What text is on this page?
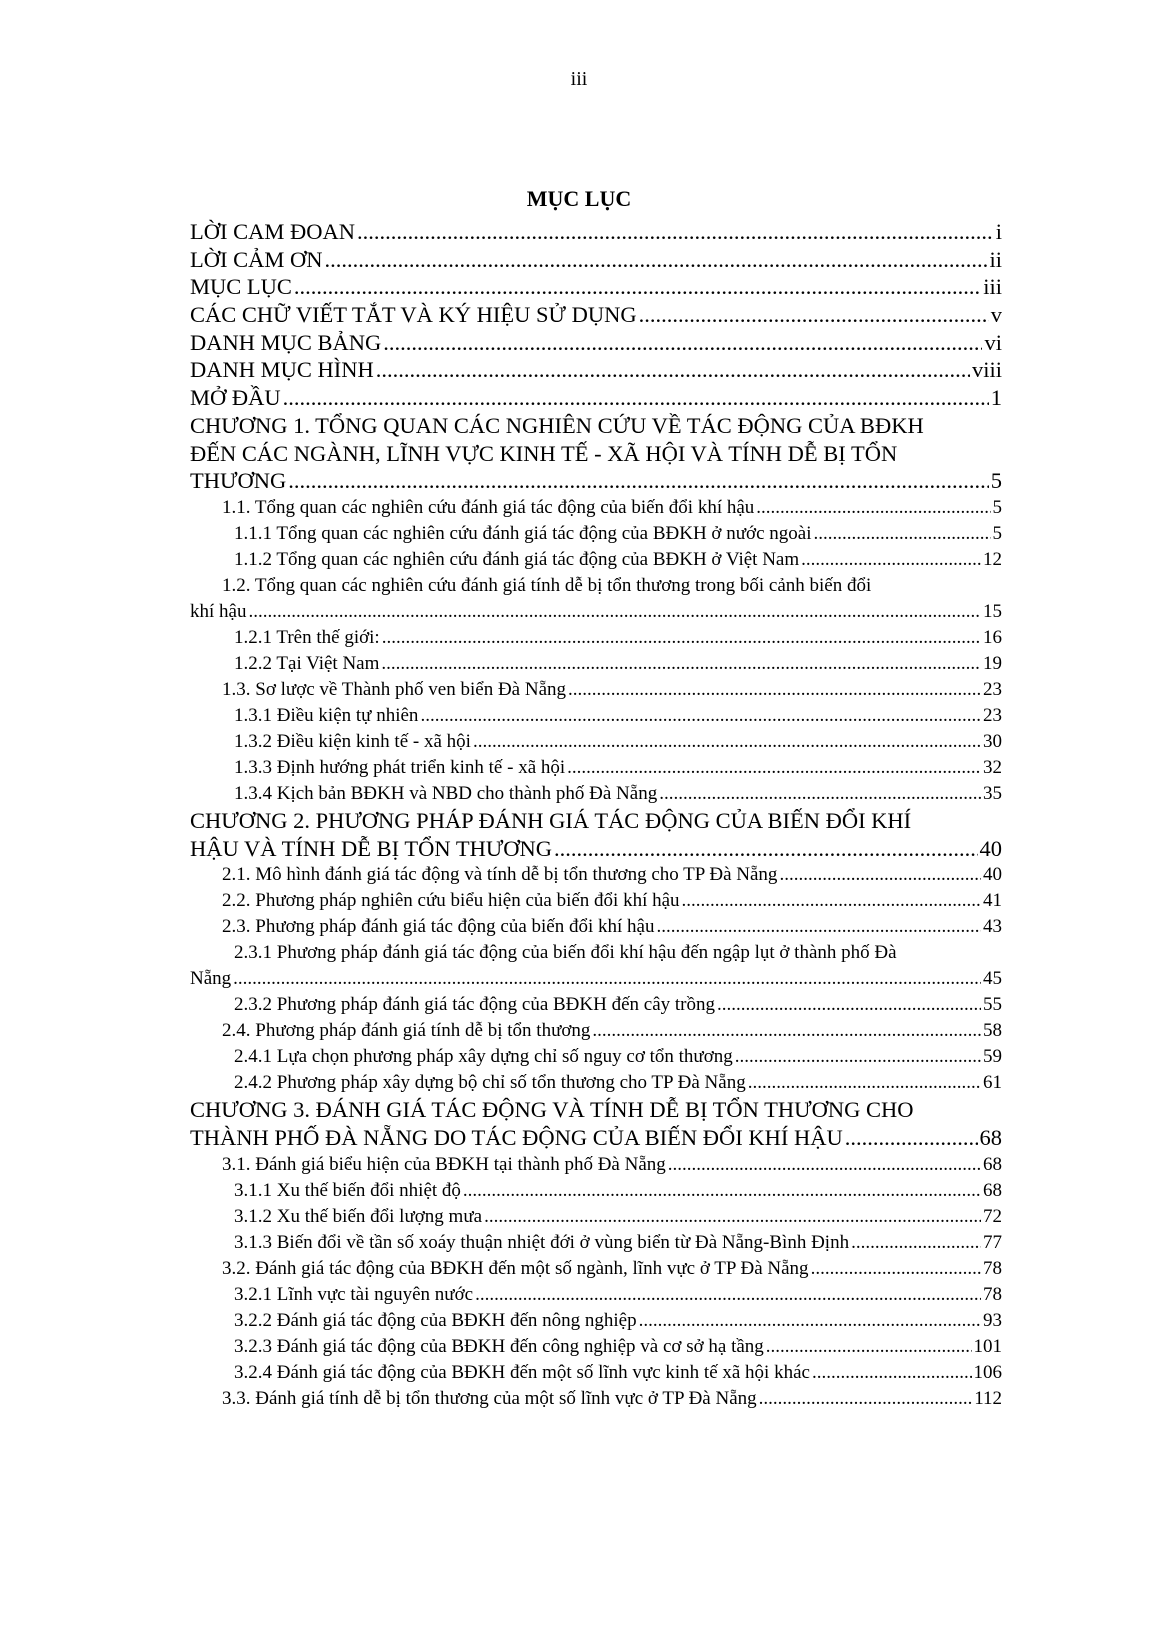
iii
MỤC LỤC
LỜI CAM ĐOAN .....	i
LỜI CẢM ƠN .....	ii
MỤC LỤC .....	iii
CÁC CHỮ VIẾT TẮT VÀ KÝ HIỆU SỬ DỤNG .....	v
DANH MỤC BẢNG .....	vi
DANH MỤC HÌNH .....	viii
MỞ ĐẦU .....	1
CHƯƠNG 1. TỔNG QUAN CÁC NGHIÊN CỨU VỀ TÁC ĐỘNG CỦA BĐKH
ĐẾN CÁC NGÀNH, LĨNH VỰC KINH TẾ - XÃ HỘI VÀ TÍNH DỄ BỊ TỔN
THƯƠNG .....	5
1.1. Tổng quan các nghiên cứu đánh giá tác động của biến đổi khí hậu .....	5
1.1.1 Tổng quan các nghiên cứu đánh giá tác động của BĐKH ở nước ngoài .....	5
1.1.2 Tổng quan các nghiên cứu đánh giá tác động của BĐKH ở Việt Nam .....	12
1.2. Tổng quan các nghiên cứu đánh giá tính dễ bị tổn thương trong bối cảnh biến đổi
khí hậu .....	15
1.2.1 Trên thế giới: .....	16
1.2.2 Tại Việt Nam .....	19
1.3. Sơ lược về Thành phố ven biển Đà Nẵng .....	23
1.3.1 Điều kiện tự nhiên .....	23
1.3.2 Điều kiện kinh tế - xã hội .....	30
1.3.3 Định hướng phát triển kinh tế - xã hội .....	32
1.3.4 Kịch bản BĐKH và NBD cho thành phố Đà Nẵng .....	35
CHƯƠNG 2. PHƯƠNG PHÁP ĐÁNH GIÁ TÁC ĐỘNG CỦA BIẾN ĐỔI KHÍ
HẬU VÀ TÍNH DỄ BỊ TỔN THƯƠNG .....	40
2.1. Mô hình đánh giá tác động và tính dễ bị tổn thương cho TP Đà Nẵng .....	40
2.2. Phương pháp nghiên cứu biểu hiện của biến đổi khí hậu .....	41
2.3. Phương pháp đánh giá tác động của biến đổi khí hậu .....	43
2.3.1 Phương pháp đánh giá tác động của biến đổi khí hậu đến ngập lụt ở thành phố Đà
Nẵng .....	45
2.3.2 Phương pháp đánh giá tác động của BĐKH đến cây trồng .....	55
2.4. Phương pháp đánh giá tính dễ bị tổn thương .....	58
2.4.1 Lựa chọn phương pháp xây dựng chỉ số nguy cơ tổn thương .....	59
2.4.2 Phương pháp xây dựng bộ chỉ số tổn thương cho TP Đà Nẵng .....	61
CHƯƠNG 3. ĐÁNH GIÁ TÁC ĐỘNG VÀ TÍNH DỄ BỊ TỔN THƯƠNG CHO
THÀNH PHỐ ĐÀ NẴNG DO TÁC ĐỘNG CỦA BIẾN ĐỔI KHÍ HẬU .....	68
3.1. Đánh giá biểu hiện của BĐKH tại thành phố Đà Nẵng .....	68
3.1.1 Xu thế biến đổi nhiệt độ .....	68
3.1.2 Xu thế biến đổi lượng mưa .....	72
3.1.3 Biến đổi về tần số xoáy thuận nhiệt đới ở vùng biển từ Đà Nẵng-Bình Định .....	77
3.2. Đánh giá tác động của BĐKH đến một số ngành, lĩnh vực ở TP Đà Nẵng .....	78
3.2.1 Lĩnh vực tài nguyên nước .....	78
3.2.2 Đánh giá tác động của BĐKH đến nông nghiệp .....	93
3.2.3 Đánh giá tác động của BĐKH đến công nghiệp và cơ sở hạ tầng .....	101
3.2.4 Đánh giá tác động của BĐKH đến một số lĩnh vực kinh tế xã hội khác .....	106
3.3. Đánh giá tính dễ bị tổn thương của một số lĩnh vực ở TP Đà Nẵng .....	112
